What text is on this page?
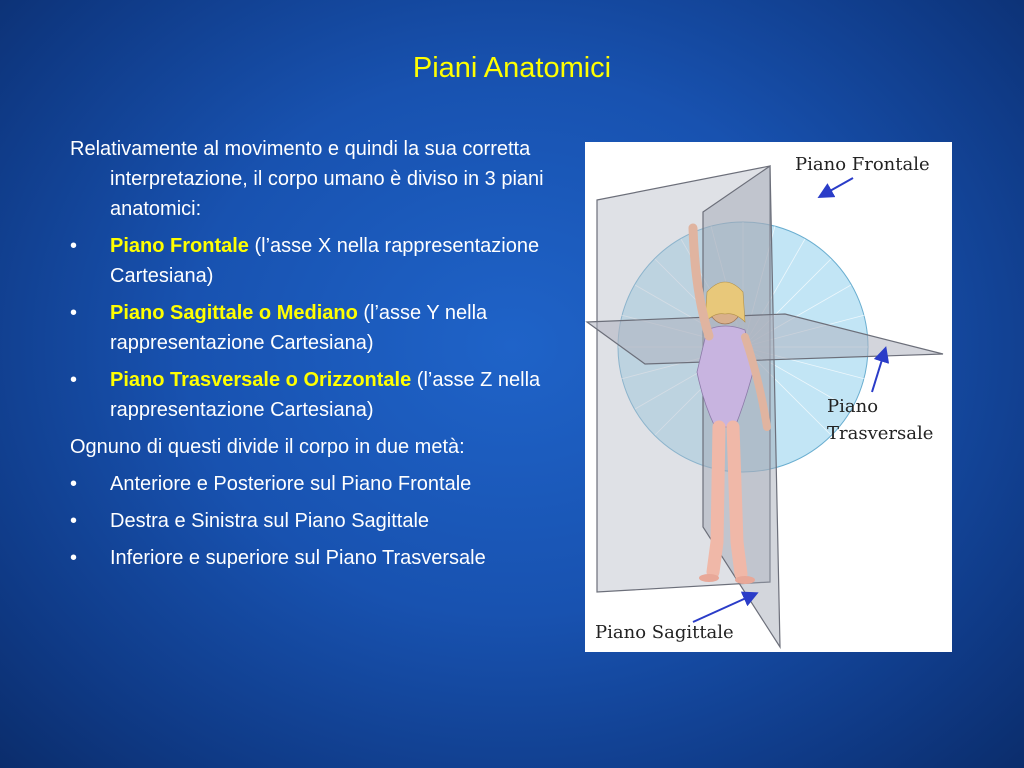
Piani Anatomici

Relativamente al movimento e quindi la sua corretta interpretazione, il corpo umano è diviso in 3 piani anatomici:

•	Piano Frontale (l’asse X nella rappresentazione Cartesiana)
•	Piano Sagittale o Mediano (l’asse Y nella rappresentazione Cartesiana)
•	Piano Trasversale o Orizzontale (l’asse Z nella rappresentazione Cartesiana)

Ognuno di questi divide il corpo in due metà:

•	Anteriore e Posteriore sul Piano Frontale
•	Destra e Sinistra sul Piano Sagittale
•	Inferiore e superiore sul Piano Trasversale
Piano Frontale
Piano
Trasversale
Piano Sagittale
